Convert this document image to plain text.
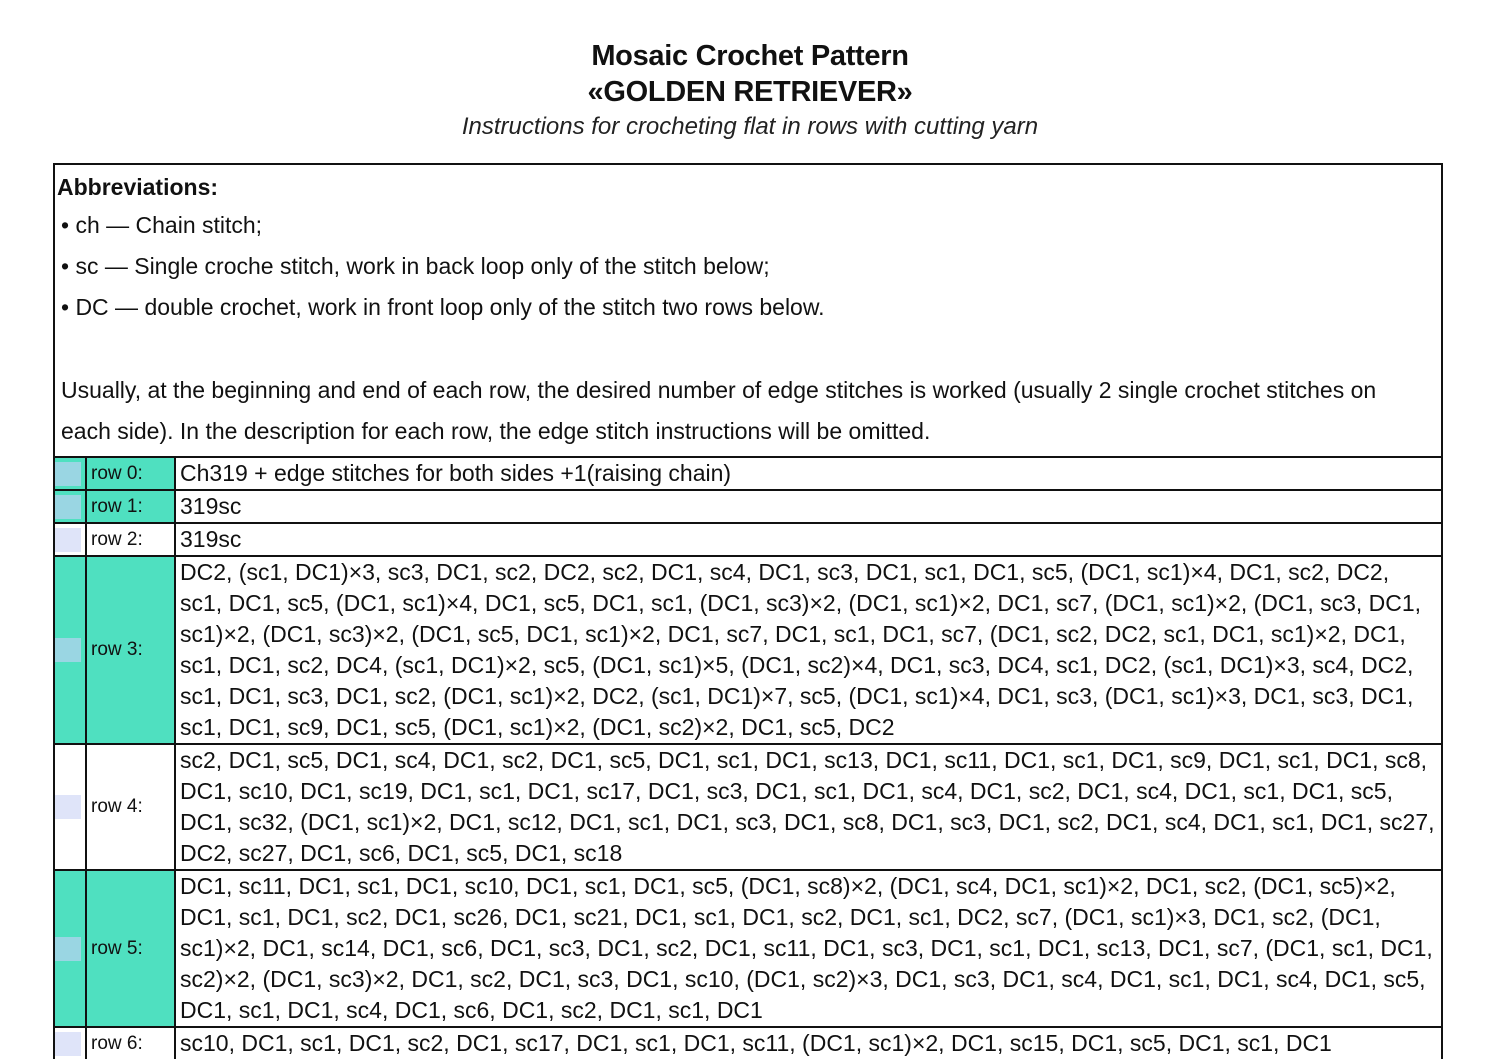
Mosaic Crochet Pattern
«GOLDEN RETRIEVER»
Instructions for crocheting flat in rows with cutting yarn
Abbreviations:
• ch — Chain stitch;
• sc — Single croche stitch, work in back loop only of the stitch below;
• DC — double crochet, work in front loop only of the stitch two rows below.
Usually, at the beginning and end of each row, the desired number of edge stitches is worked (usually 2 single crochet stitches on each side). In the description for each row, the edge stitch instructions will be omitted.
row 0:	Ch319 + edge stitches for both sides +1(raising chain)
row 1:	319sc
row 2:	319sc
row 3:
DC2, (sc1, DC1)×3, sc3, DC1, sc2, DC2, sc2, DC1, sc4, DC1, sc3, DC1, sc1, DC1, sc5, (DC1, sc1)×4, DC1, sc2, DC2, sc1, DC1, sc5, (DC1, sc1)×4, DC1, sc5, DC1, sc1, (DC1, sc3)×2, (DC1, sc1)×2, DC1, sc7, (DC1, sc1)×2, (DC1, sc3, DC1, sc1)×2, (DC1, sc3)×2, (DC1, sc5, DC1, sc1)×2, DC1, sc7, DC1, sc1, DC1, sc7, (DC1, sc2, DC2, sc1, DC1, sc1)×2, DC1, sc1, DC1, sc2, DC4, (sc1, DC1)×2, sc5, (DC1, sc1)×5, (DC1, sc2)×4, DC1, sc3, DC4, sc1, DC2, (sc1, DC1)×3, sc4, DC2, sc1, DC1, sc3, DC1, sc2, (DC1, sc1)×2, DC2, (sc1, DC1)×7, sc5, (DC1, sc1)×4, DC1, sc3, (DC1, sc1)×3, DC1, sc3, DC1, sc1, DC1, sc9, DC1, sc5, (DC1, sc1)×2, (DC1, sc2)×2, DC1, sc5, DC2
row 4:
sc2, DC1, sc5, DC1, sc4, DC1, sc2, DC1, sc5, DC1, sc1, DC1, sc13, DC1, sc11, DC1, sc1, DC1, sc9, DC1, sc1, DC1, sc8, DC1, sc10, DC1, sc19, DC1, sc1, DC1, sc17, DC1, sc3, DC1, sc1, DC1, sc4, DC1, sc2, DC1, sc4, DC1, sc1, DC1, sc5, DC1, sc32, (DC1, sc1)×2, DC1, sc12, DC1, sc1, DC1, sc3, DC1, sc8, DC1, sc3, DC1, sc2, DC1, sc4, DC1, sc1, DC1, sc27, DC2, sc27, DC1, sc6, DC1, sc5, DC1, sc18
row 5:
DC1, sc11, DC1, sc1, DC1, sc10, DC1, sc1, DC1, sc5, (DC1, sc8)×2, (DC1, sc4, DC1, sc1)×2, DC1, sc2, (DC1, sc5)×2, DC1, sc1, DC1, sc2, DC1, sc26, DC1, sc21, DC1, sc1, DC1, sc2, DC1, sc1, DC2, sc7, (DC1, sc1)×3, DC1, sc2, (DC1, sc1)×2, DC1, sc14, DC1, sc6, DC1, sc3, DC1, sc2, DC1, sc11, DC1, sc3, DC1, sc1, DC1, sc13, DC1, sc7, (DC1, sc1, DC1, sc2)×2, (DC1, sc3)×2, DC1, sc2, DC1, sc3, DC1, sc10, (DC1, sc2)×3, DC1, sc3, DC1, sc4, DC1, sc1, DC1, sc4, DC1, sc5, DC1, sc1, DC1, sc4, DC1, sc6, DC1, sc2, DC1, sc1, DC1
row 6:	sc10, DC1, sc1, DC1, sc2, DC1, sc17, DC1, sc1, DC1, sc11, (DC1, sc1)×2, DC1, sc15, DC1, sc5, DC1, sc1, DC1
